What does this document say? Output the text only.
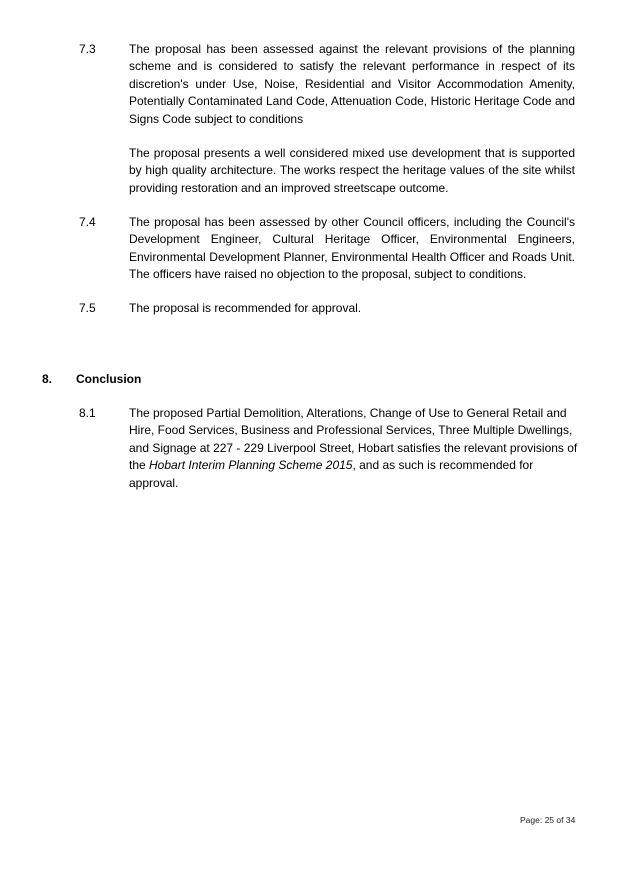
7.3	The proposal has been assessed against the relevant provisions of the planning scheme and is considered to satisfy the relevant performance in respect of its discretion's under Use, Noise, Residential and Visitor Accommodation Amenity, Potentially Contaminated Land Code, Attenuation Code, Historic Heritage Code and Signs Code subject to conditions
The proposal presents a well considered mixed use development that is supported by high quality architecture. The works respect the heritage values of the site whilst providing restoration and an improved streetscape outcome.
7.4	The proposal has been assessed by other Council officers, including the Council's Development Engineer, Cultural Heritage Officer, Environmental Engineers, Environmental Development Planner, Environmental Health Officer and Roads Unit. The officers have raised no objection to the proposal, subject to conditions.
7.5	The proposal is recommended for approval.
8. Conclusion
8.1	The proposed Partial Demolition, Alterations, Change of Use to General Retail and Hire, Food Services, Business and Professional Services, Three Multiple Dwellings, and Signage at 227 - 229 Liverpool Street, Hobart satisfies the relevant provisions of the Hobart Interim Planning Scheme 2015, and as such is recommended for approval.
Page: 25 of 34
